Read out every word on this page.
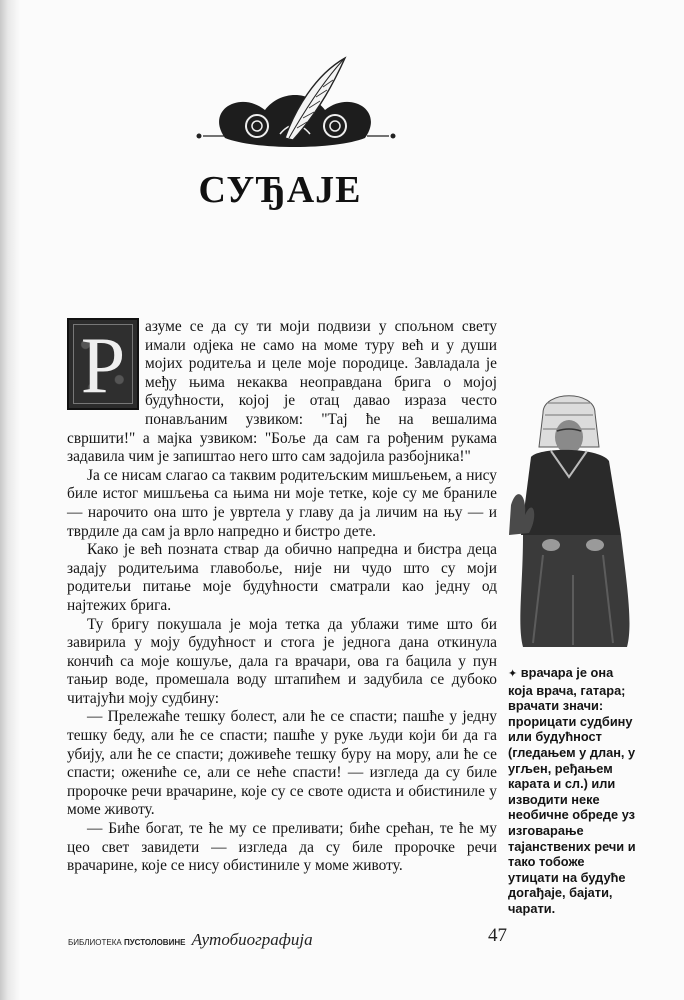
СУЂАЈЕ
Р	азуме се да су ти моји подвизи у спољном свету имали одјека не само на моме туру већ и у души мојих родитеља и целе моје породице. Завладала је међу њима некаква неоправдана брига о мојој будућности, којој је отац давао израза често понављаним узвиком: "Тај ће на вешалима свршити!" а мајка узвиком: "Боље да сам га рођеним рукама задавила чим је запиштао него што сам задојила разбојника!"

Ја се нисам слагао са таквим родитељским мишљењем, а нису биле истог мишљења са њима ни моје тетке, које су ме браниле — нарочито она што је увртела у главу да ја личим на њу — и тврдиле да сам ја врло напредно и бистро дете.

Како је већ позната ствар да обично напредна и бистра деца задају родитељима главобоље, није ни чудо што су моји родитељи питање моје будућности сматрали као једну од најтежих брига.

Ту бригу покушала је моја тетка да ублажи тиме што би завирила у моју будућност и стога је једнога дана откинула кончић са моје кошуље, дала га врачари, ова га бацила у пун тањир воде, промешала воду штапићем и задубила се дубоко читајући моју судбину:

— Прележаће тешку болест, али ће се спасти; пашће у једну тешку беду, али ће се спасти; пашће у руке људи који би да га убију, али ће се спасти; доживеће тешку буру на мору, али ће се спасти; ожениће се, али се неће спасти! — изгледа да су биле пророчке речи врачарине, које су се своте одиста и обистиниле у моме животу.

— Биће богат, те ће му се преливати; биће срећан, те ће му цео свет завидети — изгледа да су биле пророчке речи врачарине, које се нису обистиниле у моме животу.

✦ врачара је она која врача, гатара; врачати значи: прорицати судбину или будућност (гледањем у длан, у угљен, ређањем карата и сл.) или изводити неке необичне обреде уз изговарање тајанствених речи и тако тобоже утицати на будуће догађаје, бајати, чарати.
БИБЛИОТЕКА ПУСТОЛОВИНЕ Аутобиографија	47
